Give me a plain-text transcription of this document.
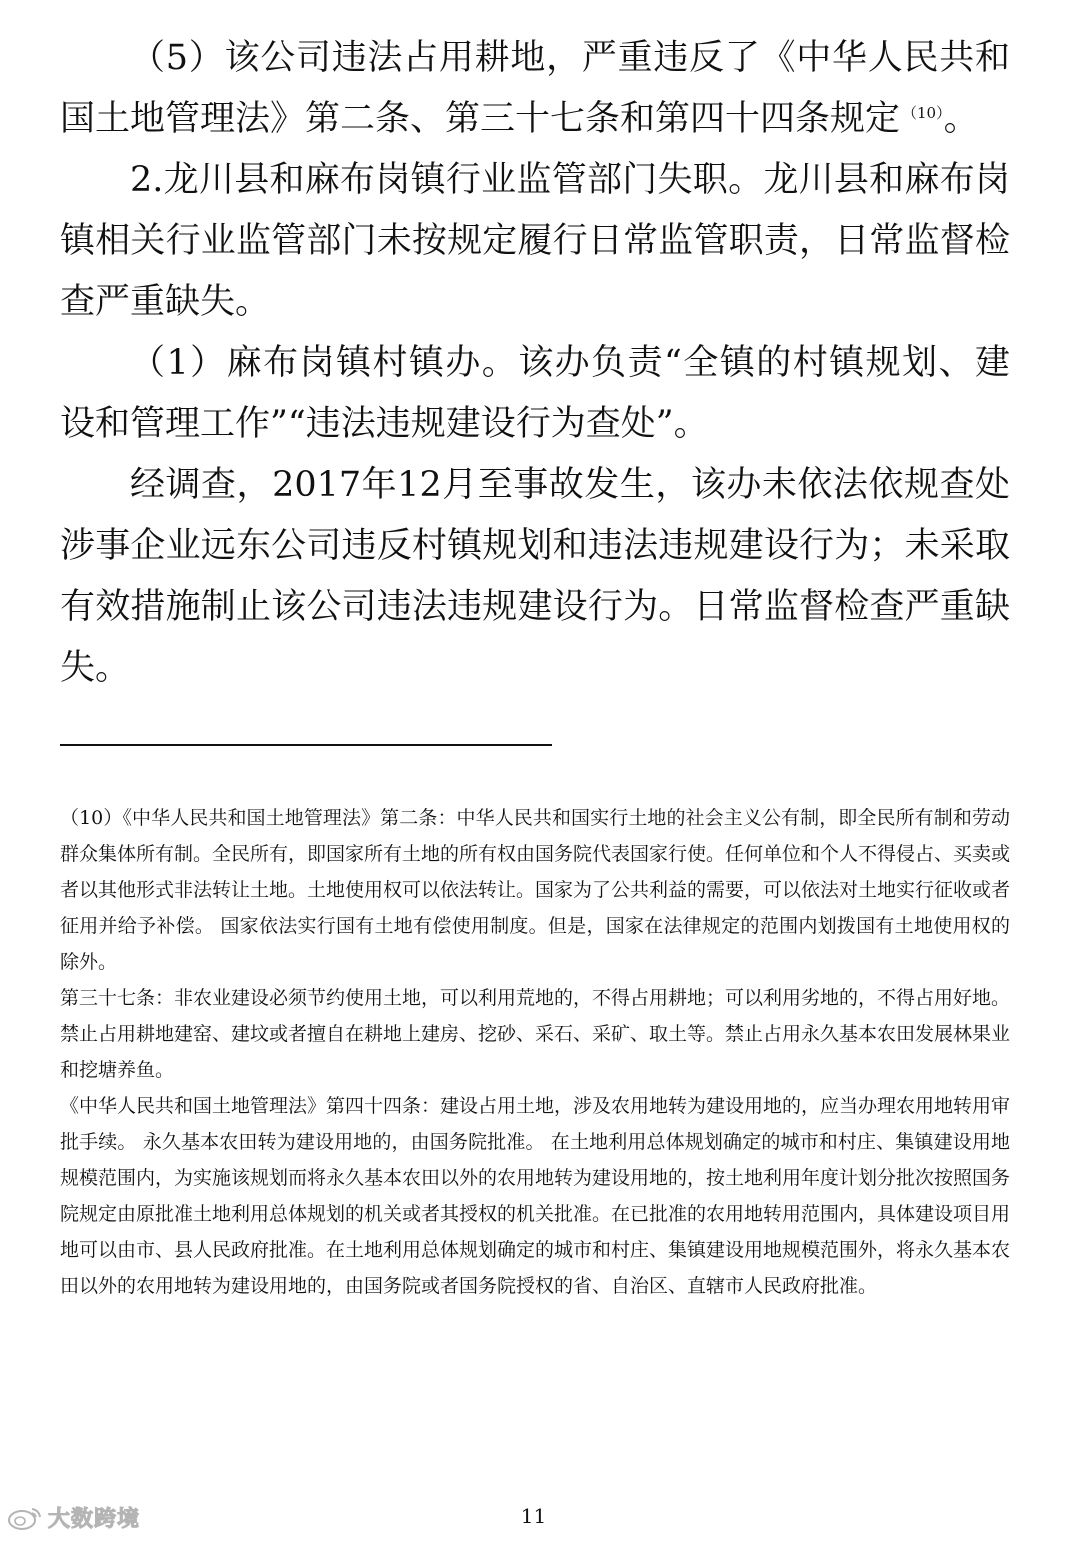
（5）该公司违法占用耕地，严重违反了《中华人民共和国土地管理法》第二条、第三十七条和第四十四条规定 $^{(10)}$。

2.龙川县和麻布岗镇行业监管部门失职。龙川县和麻布岗镇相关行业监管部门未按规定履行日常监管职责，日常监督检查严重缺失。

（1）麻布岗镇村镇办。该办负责“全镇的村镇规划、建设和管理工作”“违法违规建设行为查处”。

经调查，2017年12月至事故发生，该办未依法依规查处涉事企业远东公司违反村镇规划和违法违规建设行为；未采取有效措施制止该公司违法违规建设行为。日常监督检查严重缺失。

（10）《中华人民共和国土地管理法》第二条：中华人民共和国实行土地的社会主义公有制，即全民所有制和劳动群众集体所有制。全民所有，即国家所有土地的所有权由国务院代表国家行使。任何单位和个人不得侵占、买卖或者以其他形式非法转让土地。土地使用权可以依法转让。国家为了公共利益的需要，可以依法对土地实行征收或者征用并给予补偿。 国家依法实行国有土地有偿使用制度。但是，国家在法律规定的范围内划拨国有土地使用权的除外。

第三十七条：非农业建设必须节约使用土地，可以利用荒地的，不得占用耕地；可以利用劣地的，不得占用好地。 禁止占用耕地建窑、建坟或者擅自在耕地上建房、挖砂、采石、采矿、取土等。禁止占用永久基本农田发展林果业和挖塘养鱼。

《中华人民共和国土地管理法》第四十四条：建设占用土地，涉及农用地转为建设用地的，应当办理农用地转用审批手续。 永久基本农田转为建设用地的，由国务院批准。 在土地利用总体规划确定的城市和村庄、集镇建设用地规模范围内，为实施该规划而将永久基本农田以外的农用地转为建设用地的，按土地利用年度计划分批次按照国务院规定由原批准土地利用总体规划的机关或者其授权的机关批准。在已批准的农用地转用范围内，具体建设项目用地可以由市、县人民政府批准。在土地利用总体规划确定的城市和村庄、集镇建设用地规模范围外，将永久基本农田以外的农用地转为建设用地的，由国务院或者国务院授权的省、自治区、直辖市人民政府批准。

大数跨境	11
